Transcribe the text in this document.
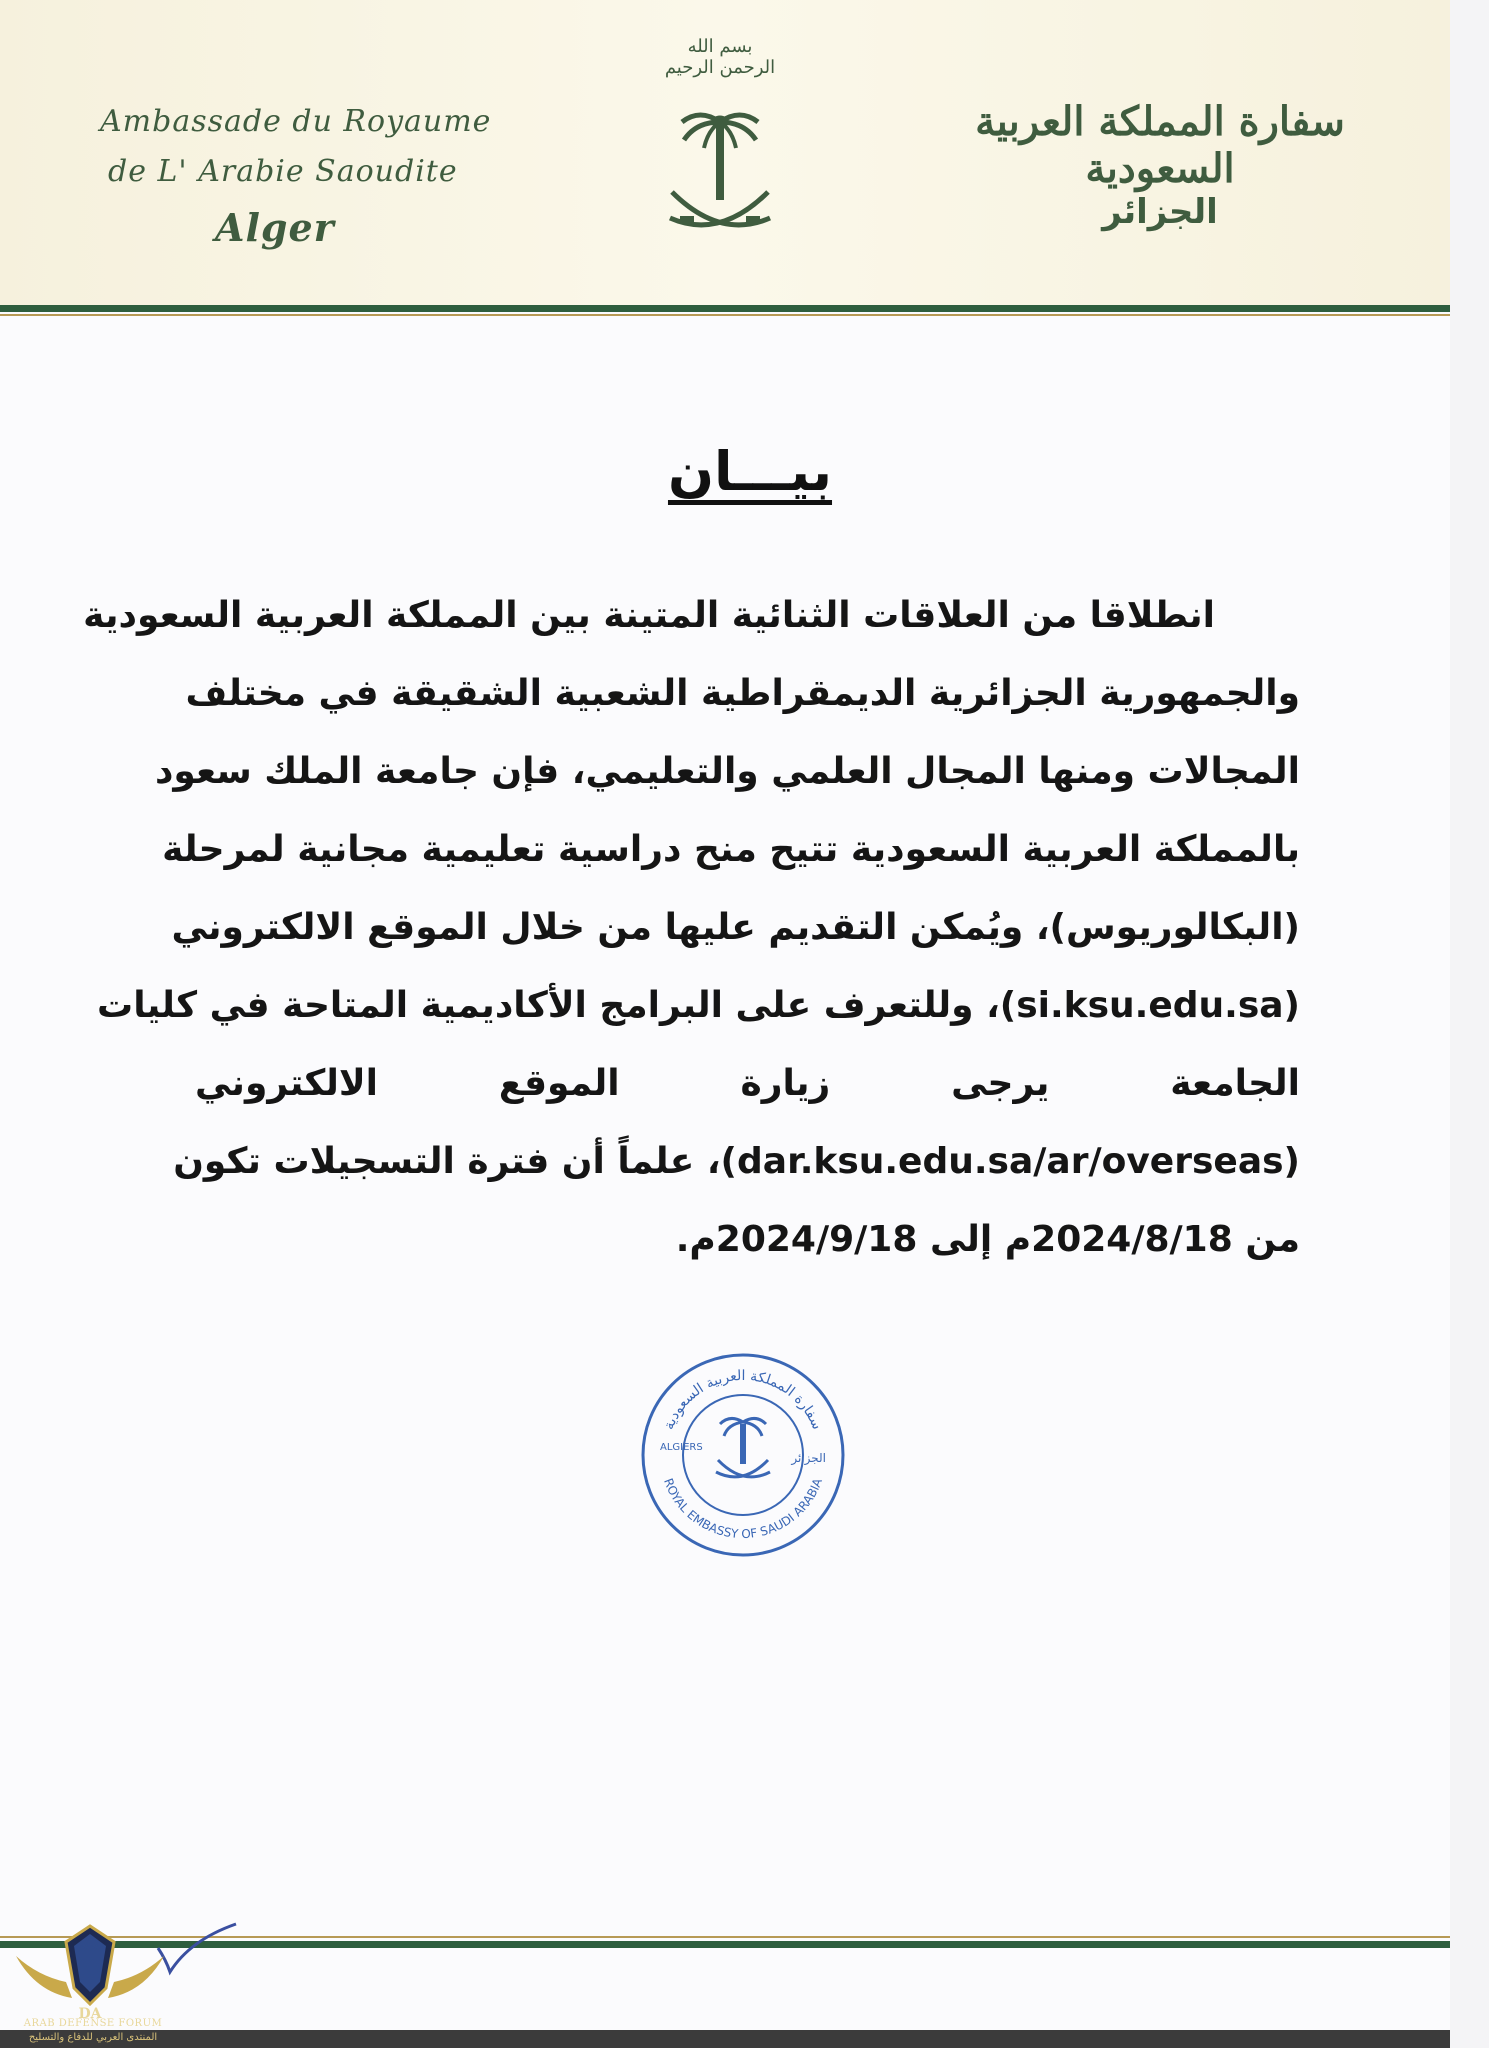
Ambassade du Royaume
de L' Arabie Saoudite
Alger
بسم الله الرحمن الرحيم
سفارة المملكة العربية السعودية
الجزائر
بيـــان
انطلاقا من العلاقات الثنائية المتينة بين المملكة العربية السعودية
والجمهورية الجزائرية الديمقراطية الشعبية الشقيقة في مختلف
المجالات ومنها المجال العلمي والتعليمي، فإن جامعة الملك سعود
بالمملكة العربية السعودية تتيح منح دراسية تعليمية مجانية لمرحلة
(البكالوريوس)، ويُمكن التقديم عليها من خلال الموقع الالكتروني
(si.ksu.edu.sa)، وللتعرف على البرامج الأكاديمية المتاحة في كليات
الجامعة يرجى زيارة الموقع الالكتروني
(dar.ksu.edu.sa/ar/overseas)، علماً أن فترة التسجيلات تكون
من 2024/8/18م إلى 2024/9/18م.
سفارة المملكة العربية السعودية
ROYAL EMBASSY OF SAUDI ARABIA
ALGIERS
الجزائر
DA
ARAB DEFENSE FORUM
المنتدى العربي للدفاع والتسليح
